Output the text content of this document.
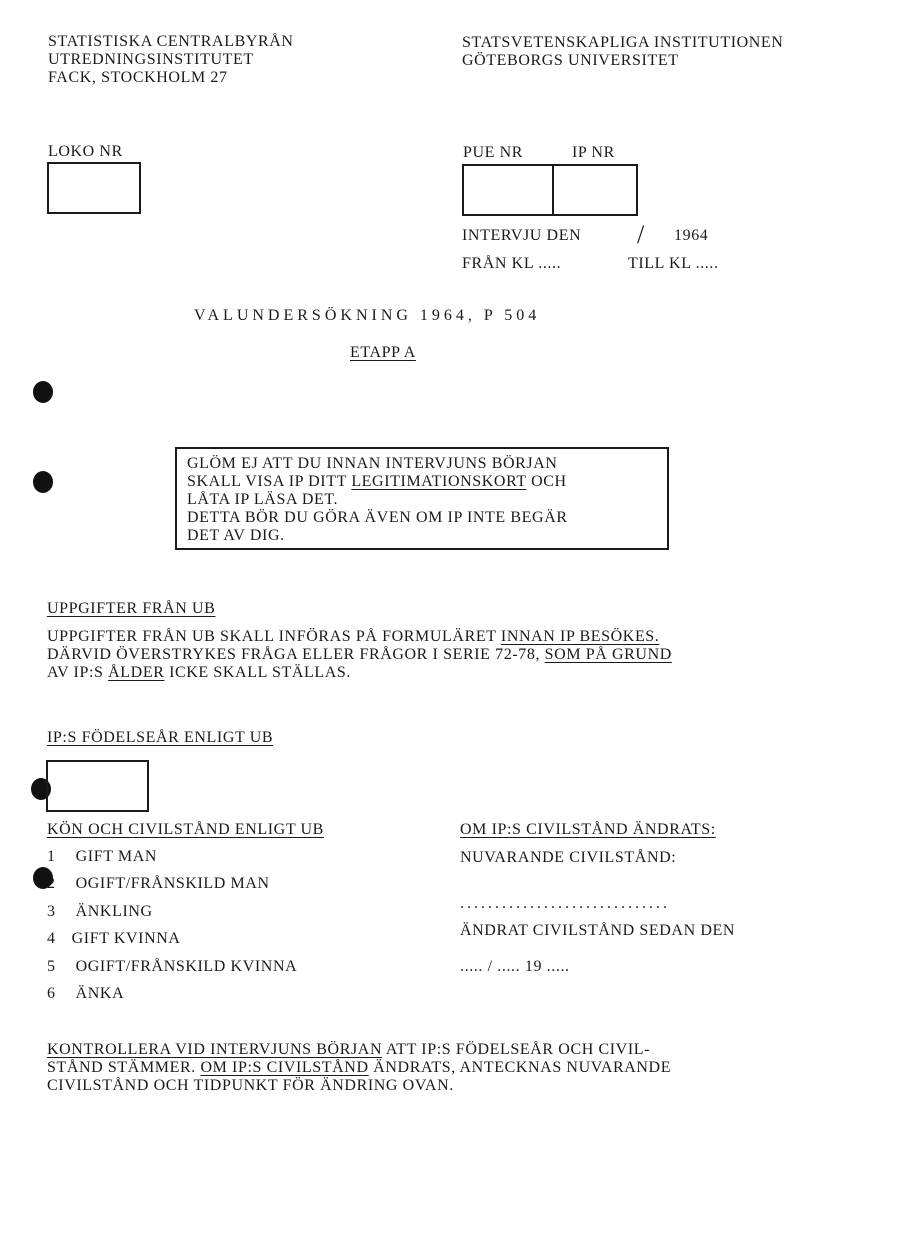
STATISTISKA CENTRALBYRÅN
UTREDNINGSINSTITUTET
FACK, STOCKHOLM 27
STATSVETENSKAPLIGA INSTITUTIONEN
GÖTEBORGS UNIVERSITET
LOKO NR	PUE NR	IP NR
INTERVJU DEN / 1964
FRÅN KL .....	TILL KL .....
VALUNDERSÖKNING 1964, P 504
ETAPP A
GLÖM EJ ATT DU INNAN INTERVJUNS BÖRJAN
SKALL VISA IP DITT LEGITIMATIONSKORT OCH
LÅTA IP LÄSA DET.
DETTA BÖR DU GÖRA ÄVEN OM IP INTE BEGÄR
DET AV DIG.
UPPGIFTER FRÅN UB
UPPGIFTER FRÅN UB SKALL INFÖRAS PÅ FORMULÄRET INNAN IP BESÖKES.
DÄRVID ÖVERSTRYKES FRÅGA ELLER FRÅGOR I SERIE 72-78, SOM PÅ GRUND
AV IP:S ÅLDER ICKE SKALL STÄLLAS.
IP:S FÖDELSEÅR ENLIGT UB
KÖN OCH CIVILSTÅND ENLIGT UB
1 GIFT MAN
2 OGIFT/FRÅNSKILD MAN
3 ÄNKLING
4 GIFT KVINNA
5 OGIFT/FRÅNSKILD KVINNA
6 ÄNKA
OM IP:S CIVILSTÅND ÄNDRATS:
NUVARANDE CIVILSTÅND:
..............................
ÄNDRAT CIVILSTÅND SEDAN DEN
..... / ..... 19 .....
KONTROLLERA VID INTERVJUNS BÖRJAN ATT IP:S FÖDELSEÅR OCH CIVIL-
STÅND STÄMMER. OM IP:S CIVILSTÅND ÄNDRATS, ANTECKNAS NUVARANDE
CIVILSTÅND OCH TIDPUNKT FÖR ÄNDRING OVAN.
